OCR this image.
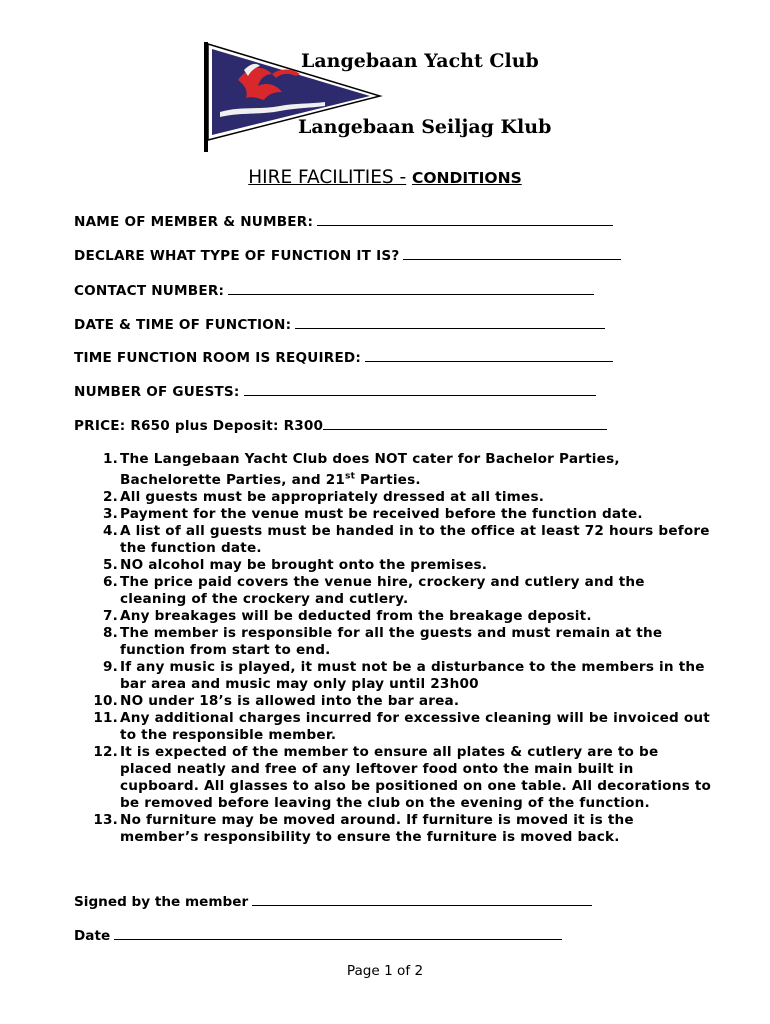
Langebaan Yacht Club
Langebaan Seiljag Klub
HIRE FACILITIES - CONDITIONS
NAME OF MEMBER & NUMBER:
DECLARE WHAT TYPE OF FUNCTION IT IS?
CONTACT NUMBER:
DATE & TIME OF FUNCTION:
TIME FUNCTION ROOM IS REQUIRED:
NUMBER OF GUESTS:
PRICE: R650 plus Deposit: R300
1. The Langebaan Yacht Club does NOT cater for Bachelor Parties, Bachelorette Parties, and 21st Parties.
2. All guests must be appropriately dressed at all times.
3. Payment for the venue must be received before the function date.
4. A list of all guests must be handed in to the office at least 72 hours before the function date.
5. NO alcohol may be brought onto the premises.
6. The price paid covers the venue hire, crockery and cutlery and the cleaning of the crockery and cutlery.
7. Any breakages will be deducted from the breakage deposit.
8. The member is responsible for all the guests and must remain at the function from start to end.
9. If any music is played, it must not be a disturbance to the members in the bar area and music may only play until 23h00
10. NO under 18’s is allowed into the bar area.
11. Any additional charges incurred for excessive cleaning will be invoiced out to the responsible member.
12. It is expected of the member to ensure all plates & cutlery are to be placed neatly and free of any leftover food onto the main built in cupboard. All glasses to also be positioned on one table. All decorations to be removed before leaving the club on the evening of the function.
13. No furniture may be moved around. If furniture is moved it is the member’s responsibility to ensure the furniture is moved back.
Signed by the member
Date
Page 1 of 2
